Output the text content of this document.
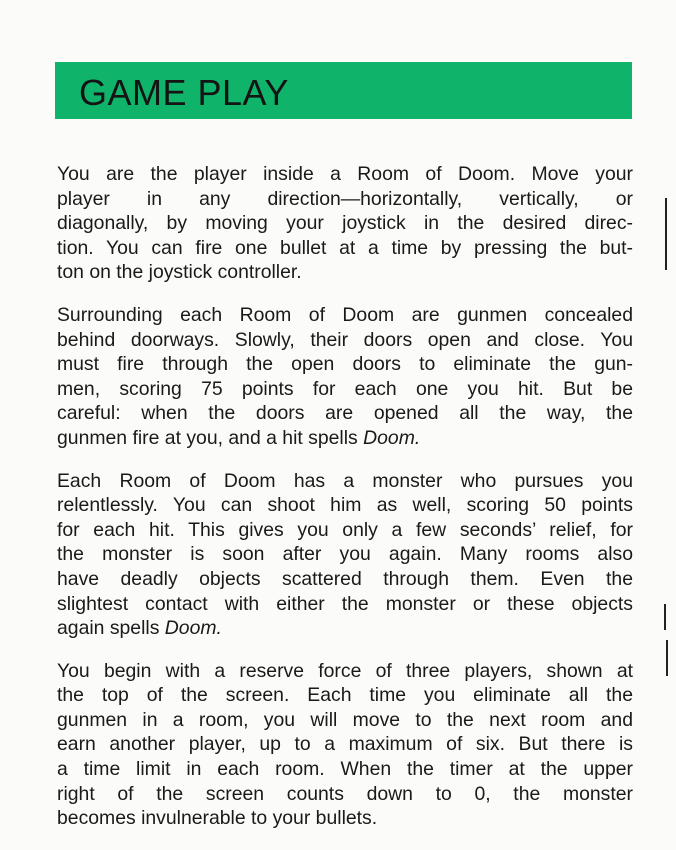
GAME PLAY

You are the player inside a Room of Doom. Move your
player in any direction—horizontally, vertically, or
diagonally, by moving your joystick in the desired direc-
tion. You can fire one bullet at a time by pressing the but-
ton on the joystick controller.

Surrounding each Room of Doom are gunmen concealed
behind doorways. Slowly, their doors open and close. You
must fire through the open doors to eliminate the gun-
men, scoring 75 points for each one you hit. But be
careful: when the doors are opened all the way, the
gunmen fire at you, and a hit spells Doom.

Each Room of Doom has a monster who pursues you
relentlessly. You can shoot him as well, scoring 50 points
for each hit. This gives you only a few seconds’ relief, for
the monster is soon after you again. Many rooms also
have deadly objects scattered through them. Even the
slightest contact with either the monster or these objects
again spells Doom.

You begin with a reserve force of three players, shown at
the top of the screen. Each time you eliminate all the
gunmen in a room, you will move to the next room and
earn another player, up to a maximum of six. But there is
a time limit in each room. When the timer at the upper
right of the screen counts down to 0, the monster
becomes invulnerable to your bullets.
